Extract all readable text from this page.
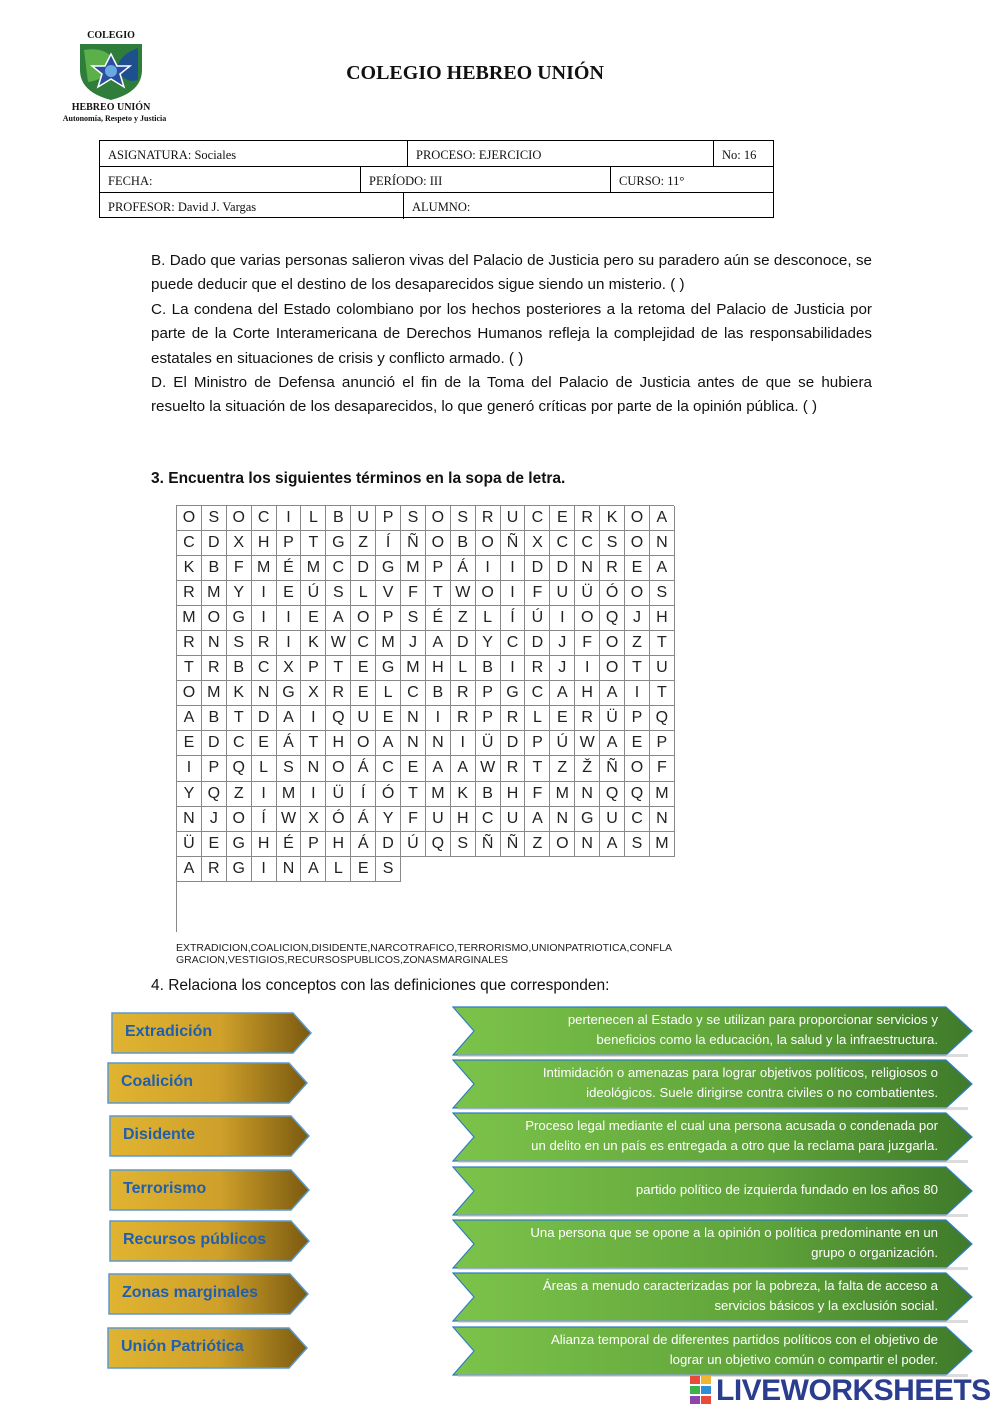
COLEGIO
HEBREO UNIÓN
Autonomía, Respeto y Justicia
COLEGIO HEBREO UNIÓN
ASIGNATURA: Sociales	PROCESO: EJERCICIO	No: 16
FECHA:	PERÍODO: III	CURSO: 11°
PROFESOR: David J. Vargas	ALUMNO:
B. Dado que varias personas salieron vivas del Palacio de Justicia pero su paradero aún se desconoce, se puede deducir que el destino de los desaparecidos sigue siendo un misterio. ( )
C. La condena del Estado colombiano por los hechos posteriores a la retoma del Palacio de Justicia por parte de la Corte Interamericana de Derechos Humanos refleja la complejidad de las responsabilidades estatales en situaciones de crisis y conflicto armado. ( )
D. El Ministro de Defensa anunció el fin de la Toma del Palacio de Justicia antes de que se hubiera resuelto la situación de los desaparecidos, lo que generó críticas por parte de la opinión pública. ( )
3. Encuentra los siguientes términos en la sopa de letra.
O S O C	I	L B U P S O S R U C E R K O A
C D X H P T G Z	Í	Ñ O B O Ñ X C C S O N
K B F M É M C D G M P Á	I	I	D D N R E A
R M Y	I	E Ú S L V F T W O	I	F U Ü Ó O S
M O G	I	I	E A O P S É Z L	Í	Ú	I	O Q J H
R N S R	I	K W C M J A D Y C D J	F O Z T
T R B C X P T E G M H L B	I	R J	I	O T U
O M K N G X R E L C B R P G C A H A	I	T
A B T D A	I	Q U E N	I	R P R L E R Ü P Q
E D C E Á T H O A N N	I	Ü D P Ú W A E P
I	P Q L S N O Á C E A A W R T Z Ž Ñ O F
Y Q Z	I	M	I	Ü	Í	Ó T M K B H F M N Q Q M
N J O	Í W X Ó Á Y F U H C U A N G U C N
Ü E G H É P H Á D Ú Q S Ñ Ñ Z O N A S M
A R G	I	N A L E S
EXTRADICION,COALICION,DISIDENTE,NARCOTRAFICO,TERRORISMO,UNIONPATRIOTICA,CONFLAGRACION,VESTIGIOS,RECURSOSPUBLICOS,ZONASMARGINALES
4. Relaciona los conceptos con las definiciones que corresponden:
Extradición
Coalición
Disidente
Terrorismo
Recursos públicos
Zonas marginales
Unión Patriótica
pertenecen al Estado y se utilizan para proporcionar servicios y
beneficios como la educación, la salud y la infraestructura.
Intimidación o amenazas para lograr objetivos políticos, religiosos o
ideológicos. Suele dirigirse contra civiles o no combatientes.
Proceso legal mediante el cual una persona acusada o condenada por
un delito en un país es entregada a otro que la reclama para juzgarla.
partido político de izquierda fundado en los años 80
Una persona que se opone a la opinión o política predominante en un
grupo o organización.
Áreas a menudo caracterizadas por la pobreza, la falta de acceso a
servicios básicos y la exclusión social.
Alianza temporal de diferentes partidos políticos con el objetivo de
lograr un objetivo común o compartir el poder.
LIVEWORKSHEETS
